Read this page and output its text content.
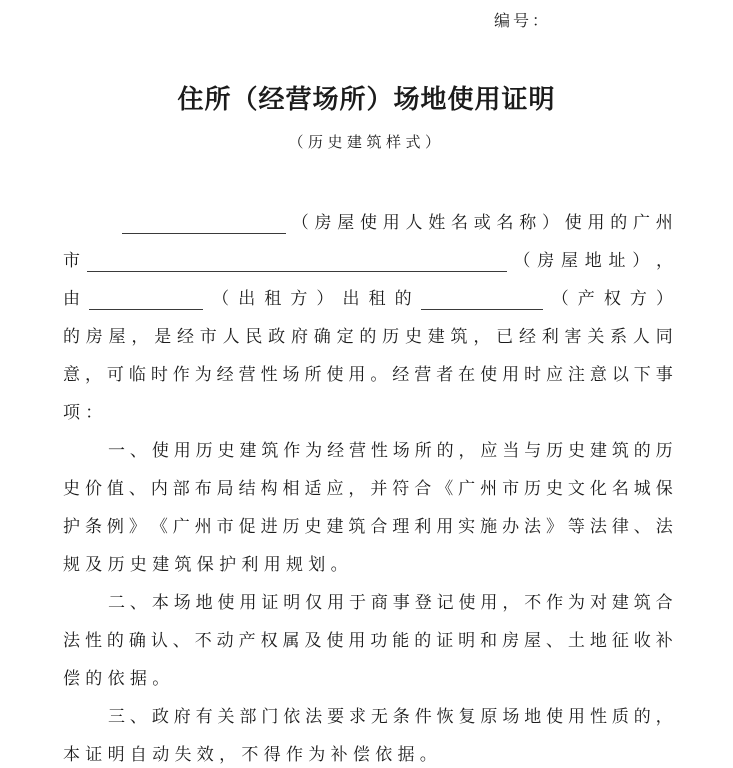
编号：
住所（经营场所）场地使用证明
（历史建筑样式）
（ 房 屋 使 用 人 姓 名 或 名 称 ） 使 用 的 广 州
市	（ 房 屋 地 址 ） ，
由	（ 出 租 方 ） 出 租 的	（ 产 权 方 ）
的 房 屋 ， 是 经 市 人 民 政 府 确 定 的 历 史 建 筑 ， 已 经 利 害 关 系 人 同
意 ， 可 临 时 作 为 经 营 性 场 所 使 用 。 经 营 者 在 使 用 时 应 注 意 以 下 事
项：
一 、 使 用 历 史 建 筑 作 为 经 营 性 场 所 的 ， 应 当 与 历 史 建 筑 的 历
史 价 值 、 内 部 布 局 结 构 相 适 应 ， 并 符 合 《 广 州 市 历 史 文 化 名 城 保
护 条 例 》 《 广 州 市 促 进 历 史 建 筑 合 理 利 用 实 施 办 法 》 等 法 律 、 法
规及历史建筑保护利用规划。
二 、 本 场 地 使 用 证 明 仅 用 于 商 事 登 记 使 用 ， 不 作 为 对 建 筑 合
法 性 的 确 认 、 不 动 产 权 属 及 使 用 功 能 的 证 明 和 房 屋 、 土 地 征 收 补
偿的依据。
三 、 政 府 有 关 部 门 依 法 要 求 无 条 件 恢 复 原 场 地 使 用 性 质 的 ，
本证明自动失效，不得作为补偿依据。
